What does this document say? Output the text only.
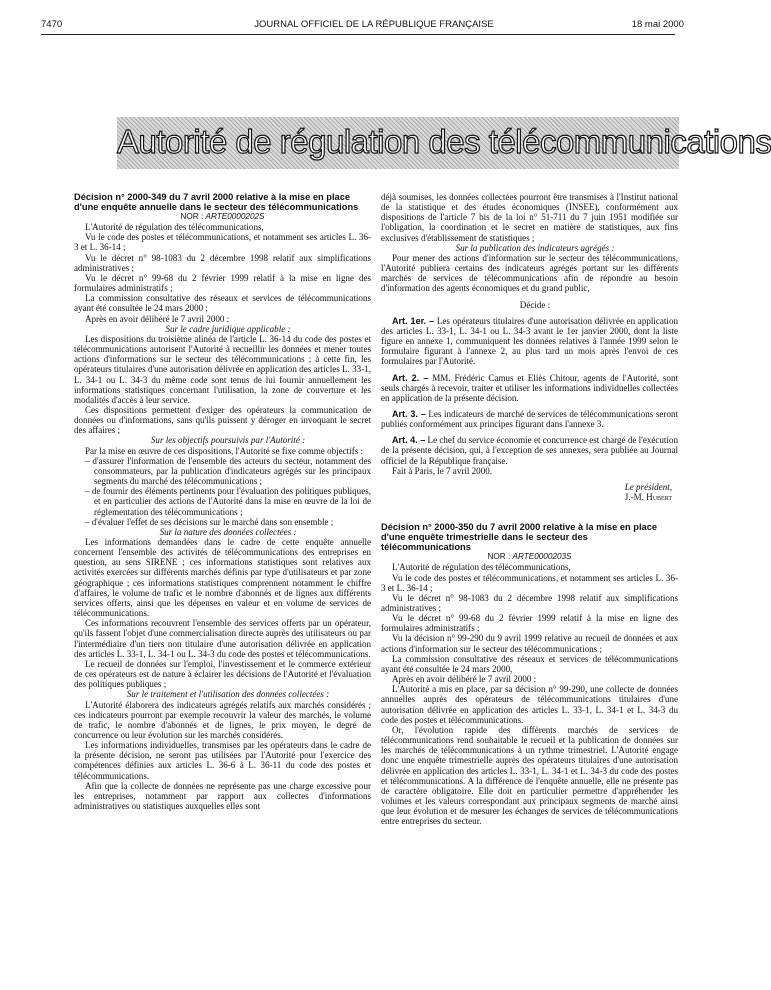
7470	JOURNAL OFFICIEL DE LA RÉPUBLIQUE FRANÇAISE	18 mai 2000
Autorité de régulation des télécommunications

Décision n° 2000-349 du 7 avril 2000 relative à la mise en place d'une enquête annuelle dans le secteur des télécommunications

NOR : ARTE0000202S

L'Autorité de régulation des télécommunications,

Vu le code des postes et télécommunications, et notamment ses articles L. 36-3 et L. 36-14 ;

Vu le décret n° 98-1083 du 2 décembre 1998 relatif aux simplifications administratives ;

Vu le décret n° 99-68 du 2 février 1999 relatif à la mise en ligne des formulaires administratifs ;

La commission consultative des réseaux et services de télécommunications ayant été consultée le 24 mars 2000 ;

Après en avoir délibéré le 7 avril 2000 :

Sur le cadre juridique applicable :

Les dispositions du troisième alinéa de l'article L. 36-14 du code des postes et télécommunications autorisent l'Autorité à recueillir les données et mener toutes actions d'informations sur le secteur des télécommunications ; à cette fin, les opérateurs titulaires d'une autorisation délivrée en application des articles L. 33-1, L. 34-1 ou L. 34-3 du même code sont tenus de lui fournir annuellement les informations statistiques concernant l'utilisation, la zone de couverture et les modalités d'accès à leur service.

Ces dispositions permettent d'exiger des opérateurs la communication de données ou d'informations, sans qu'ils puissent y déroger en invoquant le secret des affaires ;

Sur les objectifs poursuivis par l'Autorité :

Par la mise en œuvre de ces dispositions, l'Autorité se fixe comme objectifs :

– d'assurer l'information de l'ensemble des acteurs du secteur, notamment des consommateurs, par la publication d'indicateurs agrégés sur les principaux segments du marché des télécommunications ;

– de fournir des éléments pertinents pour l'évaluation des politiques publiques, et en particulier des actions de l'Autorité dans la mise en œuvre de la loi de réglementation des télécommunications ;

– d'évaluer l'effet de ses décisions sur le marché dans son ensemble ;

Sur la nature des données collectées :

Les informations demandées dans le cadre de cette enquête annuelle concernent l'ensemble des activités de télécommunications des entreprises en question, au sens SIRENE ; ces informations statistiques sont relatives aux activités exercées sur différents marchés définis par type d'utilisateurs et par zone géographique ; ces informations statistiques comprennent notamment le chiffre d'affaires, le volume de trafic et le nombre d'abonnés et de lignes aux différents services offerts, ainsi que les dépenses en valeur et en volume de services de télécommunications.

Ces informations recouvrent l'ensemble des services offerts par un opérateur, qu'ils fassent l'objet d'une commercialisation directe auprès des utilisateurs ou par l'intermédiaire d'un tiers non titulaire d'une autorisation délivrée en application des articles L. 33-1, L. 34-1 ou L. 34-3 du code des postes et télécommunications.

Le recueil de données sur l'emploi, l'investissement et le commerce extérieur de ces opérateurs est de nature à éclairer les décisions de l'Autorité et l'évaluation des politiques publiques ;

Sur le traitement et l'utilisation des données collectées :

L'Autorité élaborera des indicateurs agrégés relatifs aux marchés considérés ; ces indicateurs pourront par exemple recouvrir la valeur des marchés, le volume de trafic, le nombre d'abonnés et de lignes, le prix moyen, le degré de concurrence ou leur évolution sur les marchés considérés.

Les informations individuelles, transmises par les opérateurs dans le cadre de la présente décision, ne seront pas utilisées par l'Autorité pour l'exercice des compétences définies aux articles L. 36-6 à L. 36-11 du code des postes et télécommunications.

Afin que la collecte de données ne représente pas une charge excessive pour les entreprises, notamment par rapport aux collectes d'informations administratives ou statistiques auxquelles elles sont

déjà soumises, les données collectées pourront être transmises à l'Institut national de la statistique et des études économiques (INSEE), conformément aux dispositions de l'article 7 bis de la loi n° 51-711 du 7 juin 1951 modifiée sur l'obligation, la coordination et le secret en matière de statistiques, aux fins exclusives d'établissement de statistiques ;

Sur la publication des indicateurs agrégés :

Pour mener des actions d'information sur le secteur des télécommunications, l'Autorité publiera certains des indicateurs agrégés portant sur les différents marchés de services de télécommunications afin de répondre au besoin d'information des agents économiques et du grand public,

Décide :

Art. 1er. – Les opérateurs titulaires d'une autorisation délivrée en application des articles L. 33-1, L. 34-1 ou L. 34-3 avant le 1er janvier 2000, dont la liste figure en annexe 1, communiquent les données relatives à l'année 1999 selon le formulaire figurant à l'annexe 2, au plus tard un mois après l'envoi de ces formulaires par l'Autorité.

Art. 2. – MM. Frédéric Camus et Eliès Chitour, agents de l'Autorité, sont seuls chargés à recevoir, traiter et utiliser les informations individuelles collectées en application de la présente décision.

Art. 3. – Les indicateurs de marché de services de télécommunications seront publiés conformément aux principes figurant dans l'annexe 3.

Art. 4. – Le chef du service économie et concurrence est chargé de l'exécution de la présente décision, qui, à l'exception de ses annexes, sera publiée au Journal officiel de la République française.

Fait à Paris, le 7 avril 2000.

Le président,

J.-M. Hubert

Décision n° 2000-350 du 7 avril 2000 relative à la mise en place d'une enquête trimestrielle dans le secteur des télécommunications

NOR : ARTE0000203S

L'Autorité de régulation des télécommunications,

Vu le code des postes et télécommunications, et notamment ses articles L. 36-3 et L. 36-14 ;

Vu le décret n° 98-1083 du 2 décembre 1998 relatif aux simplifications administratives ;

Vu le décret n° 99-68 du 2 février 1999 relatif à la mise en ligne des formulaires administratifs ;

Vu la décision n° 99-290 du 9 avril 1999 relative au recueil de données et aux actions d'information sur le secteur des télécommunications ;

La commission consultative des réseaux et services de télécommunications ayant été consultée le 24 mars 2000,

Après en avoir délibéré le 7 avril 2000 :

L'Autorité a mis en place, par sa décision n° 99-290, une collecte de données annuelles auprès des opérateurs de télécommunications titulaires d'une autorisation délivrée en application des articles L. 33-1, L. 34-1 et L. 34-3 du code des postes et télécommunications.

Or, l'évolution rapide des différents marchés de services de télécommunications rend souhaitable le recueil et la publication de données sur les marchés de télécommunications à un rythme trimestriel. L'Autorité engage donc une enquête trimestrielle auprès des opérateurs titulaires d'une autorisation délivrée en application des articles L. 33-1, L. 34-1 et L. 34-3 du code des postes et télécommunications. A la différence de l'enquête annuelle, elle ne présente pas de caractère obligatoire. Elle doit en particulier permettre d'appréhender les volumes et les valeurs correspondant aux principaux segments de marché ainsi que leur évolution et de mesurer les échanges de services de télécommunications entre entreprises du secteur.
